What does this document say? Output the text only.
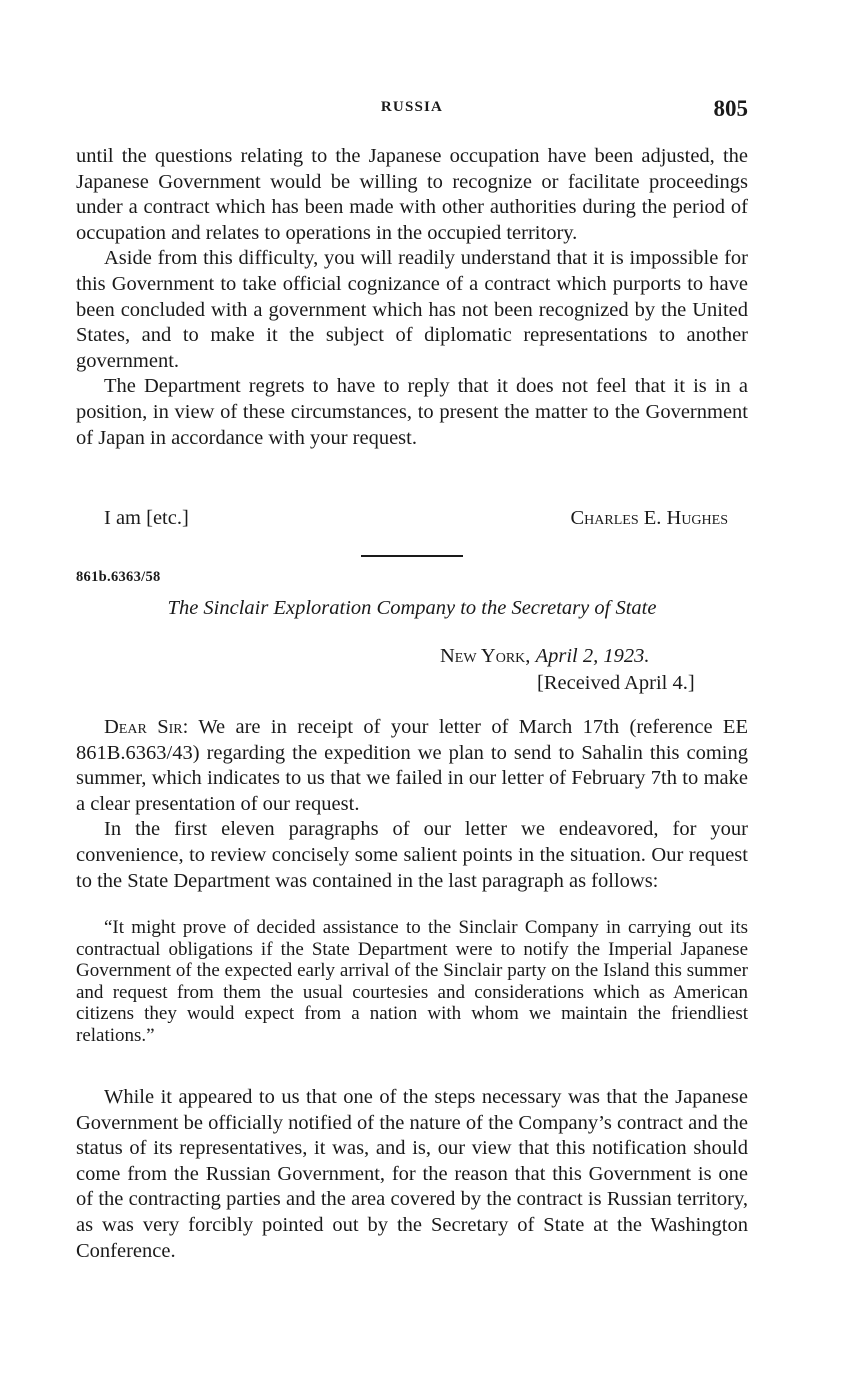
RUSSIA	805

until the questions relating to the Japanese occupation have been adjusted, the Japanese Government would be willing to recognize or facilitate proceedings under a contract which has been made with other authorities during the period of occupation and relates to operations in the occupied territory.

Aside from this difficulty, you will readily understand that it is impossible for this Government to take official cognizance of a contract which purports to have been concluded with a government which has not been recognized by the United States, and to make it the subject of diplomatic representations to another government.

The Department regrets to have to reply that it does not feel that it is in a position, in view of these circumstances, to present the matter to the Government of Japan in accordance with your request.

I am [etc.]	Charles E. Hughes
861b.6363/58
The Sinclair Exploration Company to the Secretary of State
New York, April 2, 1923.
[Received April 4.]

Dear Sir: We are in receipt of your letter of March 17th (reference EE 861B.6363/43) regarding the expedition we plan to send to Sahalin this coming summer, which indicates to us that we failed in our letter of February 7th to make a clear presentation of our request.

In the first eleven paragraphs of our letter we endeavored, for your convenience, to review concisely some salient points in the situation. Our request to the State Department was contained in the last paragraph as follows:

“It might prove of decided assistance to the Sinclair Company in carrying out its contractual obligations if the State Department were to notify the Imperial Japanese Government of the expected early arrival of the Sinclair party on the Island this summer and request from them the usual courtesies and considerations which as American citizens they would expect from a nation with whom we maintain the friendliest relations.”

While it appeared to us that one of the steps necessary was that the Japanese Government be officially notified of the nature of the Company’s contract and the status of its representatives, it was, and is, our view that this notification should come from the Russian Government, for the reason that this Government is one of the contracting parties and the area covered by the contract is Russian territory, as was very forcibly pointed out by the Secretary of State at the Washington Conference.
